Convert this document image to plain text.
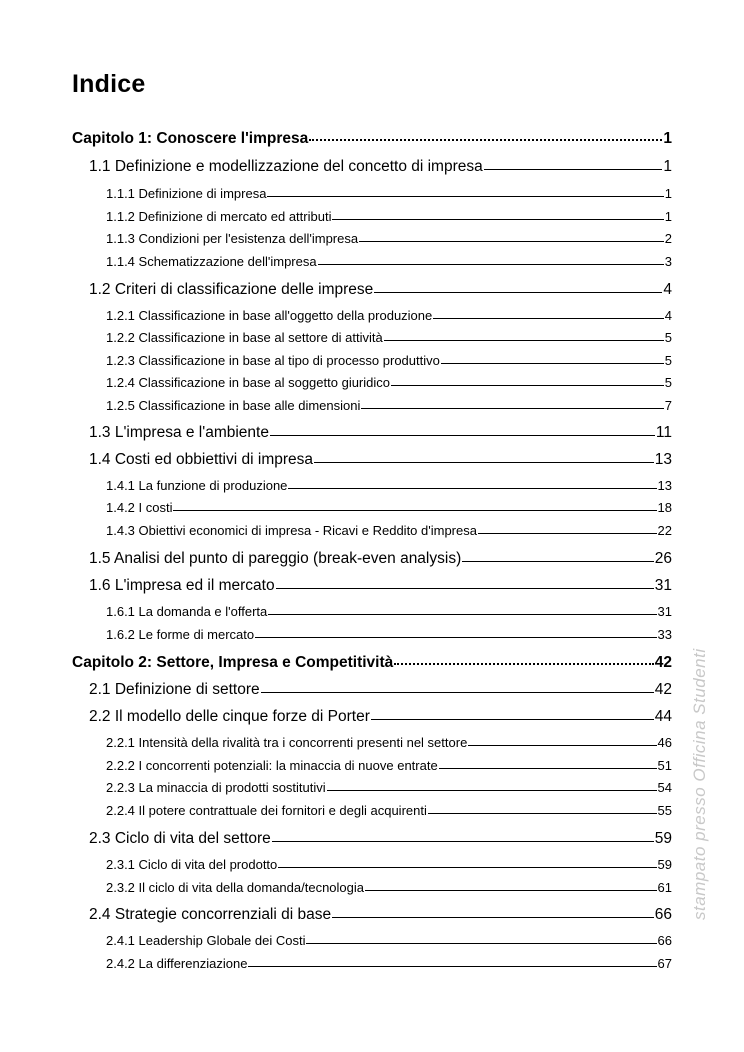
Indice
Capitolo 1: Conoscere l'impresa	1
1.1 Definizione e modellizzazione del concetto di impresa	1
1.1.1 Definizione di impresa	1
1.1.2 Definizione di mercato ed attributi	1
1.1.3 Condizioni per l'esistenza dell'impresa	2
1.1.4 Schematizzazione dell'impresa	3
1.2 Criteri di classificazione delle imprese	4
1.2.1 Classificazione in base all'oggetto della produzione	4
1.2.2 Classificazione in base al settore di attività	5
1.2.3 Classificazione in base al tipo di processo produttivo	5
1.2.4 Classificazione in base al soggetto giuridico	5
1.2.5 Classificazione in base alle dimensioni	7
1.3 L'impresa e l'ambiente	11
1.4 Costi ed obbiettivi di impresa	13
1.4.1 La funzione di produzione	13
1.4.2 I costi	18
1.4.3 Obiettivi economici di impresa - Ricavi e Reddito d'impresa	22
1.5 Analisi del punto di pareggio (break-even analysis)	26
1.6 L'impresa ed il mercato	31
1.6.1 La domanda e l'offerta	31
1.6.2 Le forme di mercato	33
Capitolo 2: Settore, Impresa e Competitività	42
2.1 Definizione di settore	42
2.2 Il modello delle cinque forze di Porter	44
2.2.1 Intensità della rivalità tra i concorrenti presenti nel settore	46
2.2.2 I concorrenti potenziali: la minaccia di nuove entrate	51
2.2.3 La minaccia di prodotti sostitutivi	54
2.2.4 Il potere contrattuale dei fornitori e degli acquirenti	55
2.3 Ciclo di vita del settore	59
2.3.1 Ciclo di vita del prodotto	59
2.3.2 Il ciclo di vita della domanda/tecnologia	61
2.4 Strategie concorrenziali di base	66
2.4.1 Leadership Globale dei Costi	66
2.4.2 La differenziazione	67
stampato presso Officina Studenti
